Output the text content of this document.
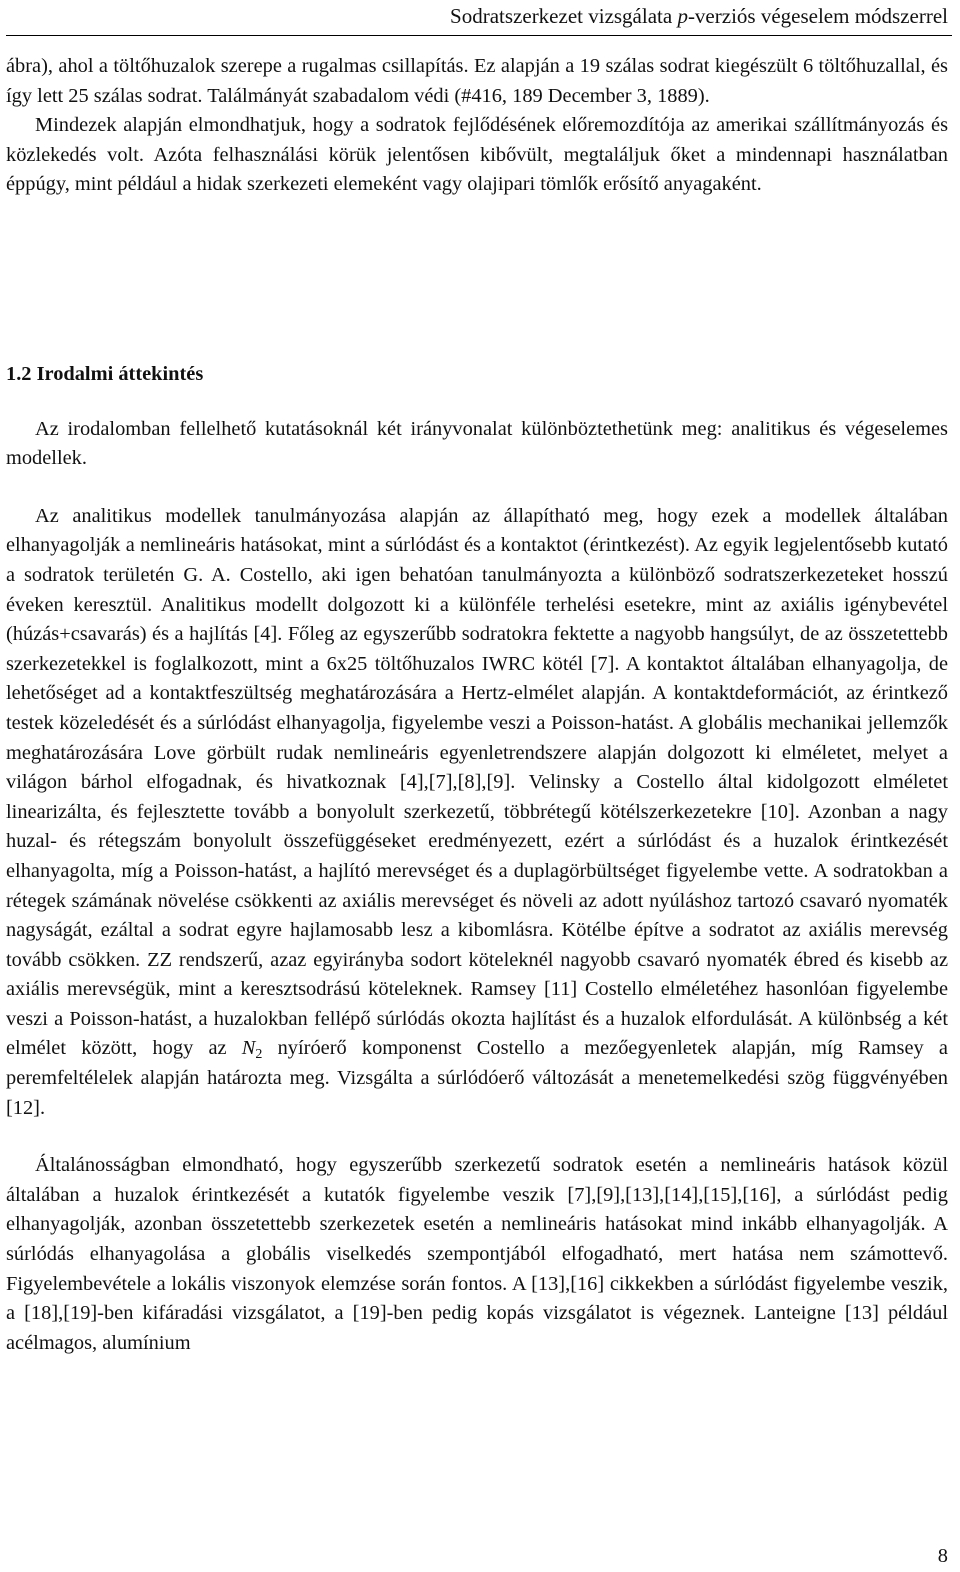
Sodratszerkezet vizsgálata p-verziós végeselem módszerrel

ábra), ahol a töltőhuzalok szerepe a rugalmas csillapítás. Ez alapján a 19 szálas sodrat kiegészült 6 töltőhuzallal, és így lett 25 szálas sodrat. Találmányát szabadalom védi (#416, 189 December 3, 1889).

Mindezek alapján elmondhatjuk, hogy a sodratok fejlődésének előremozdítója az amerikai szállítmányozás és közlekedés volt. Azóta felhasználási körük jelentősen kibővült, megtaláljuk őket a mindennapi használatban éppúgy, mint például a hidak szerkezeti elemeként vagy olajipari tömlők erősítő anyagaként.

1.2 Irodalmi áttekintés

Az irodalomban fellelhető kutatásoknál két irányvonalat különböztethetünk meg: analitikus és végeselemes modellek.

Az analitikus modellek tanulmányozása alapján az állapítható meg, hogy ezek a modellek általában elhanyagolják a nemlineáris hatásokat, mint a súrlódást és a kontaktot (érintkezést). Az egyik legjelentősebb kutató a sodratok területén G. A. Costello, aki igen behatóan tanulmányozta a különböző sodratszerkezeteket hosszú éveken keresztül. Analitikus modellt dolgozott ki a különféle terhelési esetekre, mint az axiális igénybevétel (húzás+csavarás) és a hajlítás [4]. Főleg az egyszerűbb sodratokra fektette a nagyobb hangsúlyt, de az összetettebb szerkezetekkel is foglalkozott, mint a 6x25 töltőhuzalos IWRC kötél [7]. A kontaktot általában elhanyagolja, de lehetőséget ad a kontaktfeszültség meghatározására a Hertz-elmélet alapján. A kontaktdeformációt, az érintkező testek közeledését és a súrlódást elhanyagolja, figyelembe veszi a Poisson-hatást. A globális mechanikai jellemzők meghatározására Love görbült rudak nemlineáris egyenletrendszere alapján dolgozott ki elméletet, melyet a világon bárhol elfogadnak, és hivatkoznak [4],[7],[8],[9]. Velinsky a Costello által kidolgozott elméletet linearizálta, és fejlesztette tovább a bonyolult szerkezetű, többrétegű kötélszerkezetekre [10]. Azonban a nagy huzal- és rétegszám bonyolult összefüggéseket eredményezett, ezért a súrlódást és a huzalok érintkezését elhanyagolta, míg a Poisson-hatást, a hajlító merevséget és a duplagörbültséget figyelembe vette. A sodratokban a rétegek számának növelése csökkenti az axiális merevséget és növeli az adott nyúláshoz tartozó csavaró nyomaték nagyságát, ezáltal a sodrat egyre hajlamosabb lesz a kibomlásra. Kötélbe építve a sodratot az axiális merevség tovább csökken. ZZ rendszerű, azaz egyirányba sodort köteleknél nagyobb csavaró nyomaték ébred és kisebb az axiális merevségük, mint a keresztsodrású köteleknek. Ramsey [11] Costello elméletéhez hasonlóan figyelembe veszi a Poisson-hatást, a huzalokban fellépő súrlódás okozta hajlítást és a huzalok elfordulását. A különbség a két elmélet között, hogy az $N_2$ nyíróerő komponenst Costello a mezőegyenletek alapján, míg Ramsey a peremfeltélelek alapján határozta meg. Vizsgálta a súrlódóerő változását a menetemelkedési szög függvényében [12].

Általánosságban elmondható, hogy egyszerűbb szerkezetű sodratok esetén a nemlineáris hatások közül általában a huzalok érintkezését a kutatók figyelembe veszik [7],[9],[13],[14],[15],[16], a súrlódást pedig elhanyagolják, azonban összetettebb szerkezetek esetén a nemlineáris hatásokat mind inkább elhanyagolják. A súrlódás elhanyagolása a globális viselkedés szempontjából elfogadható, mert hatása nem számottevő. Figyelembevétele a lokális viszonyok elemzése során fontos. A [13],[16] cikkekben a súrlódást figyelembe veszik, a [18],[19]-ben kifáradási vizsgálatot, a [19]-ben pedig kopás vizsgálatot is végeznek. Lanteigne [13] például acélmagos, alumínium

8
